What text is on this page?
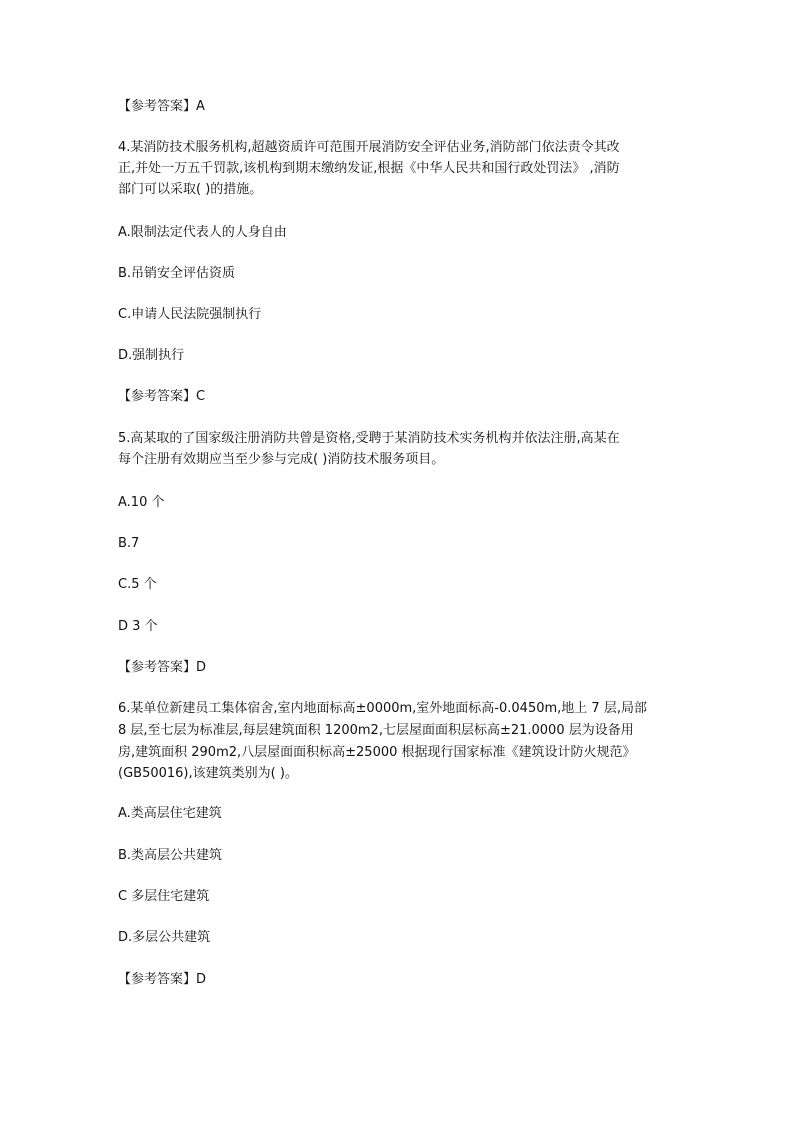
【参考答案】A
4.某消防技术服务机构,超越资质许可范围开展消防安全评估业务,消防部门依法责令其改
正,并处一万五千罚款,该机构到期末缴纳发证,根据《中华人民共和国行政处罚法》 ,消防
部门可以采取( )的措施。
A.限制法定代表人的人身自由
B.吊销安全评估资质
C.申请人民法院强制执行
D.强制执行
【参考答案】C
5.高某取的了国家级注册消防共曾是资格,受聘于某消防技术实务机构并依法注册,高某在
每个注册有效期应当至少参与完成( )消防技术服务项目。
A.10 个
B.7
C.5 个
D 3 个
【参考答案】D
6.某单位新建员工集体宿舍,室内地面标高±0000m,室外地面标高-0.0450m,地上 7 层,局部
8 层,至七层为标准层,每层建筑面积 1200m2,七层屋面面积层标高±21.0000 层为设备用
房,建筑面积 290m2,八层屋面面积标高±25000 根据现行国家标准《建筑设计防火规范》
(GB50016),该建筑类别为( )。
A.类高层住宅建筑
B.类高层公共建筑
C 多层住宅建筑
D.多层公共建筑
【参考答案】D
